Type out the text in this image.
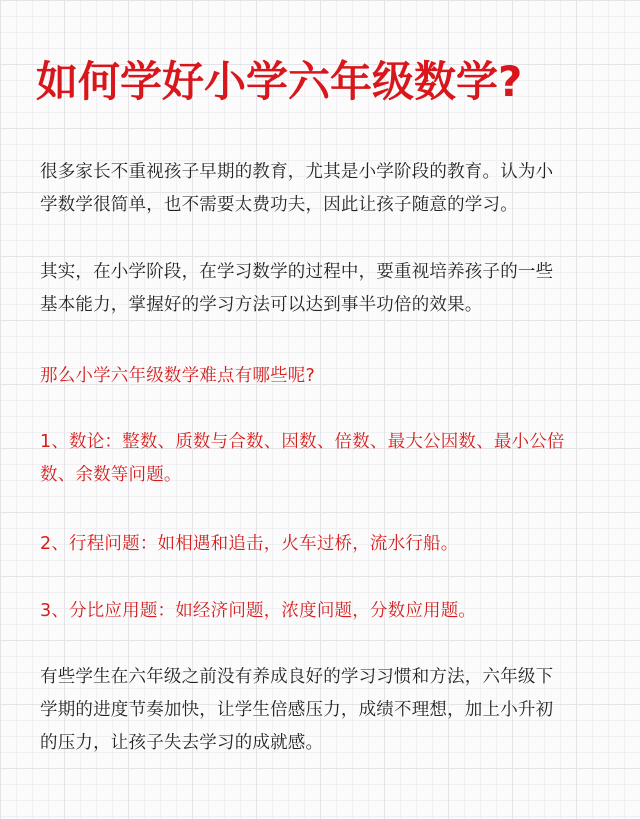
如何学好小学六年级数学?

很多家长不重视孩子早期的教育，尤其是小学阶段的教育。认为小
学数学很简单，也不需要太费功夫，因此让孩子随意的学习。

其实，在小学阶段，在学习数学的过程中，要重视培养孩子的一些
基本能力，掌握好的学习方法可以达到事半功倍的效果。

那么小学六年级数学难点有哪些呢?

1、数论：整数、质数与合数、因数、倍数、最大公因数、最小公倍
数、余数等问题。

2、行程问题：如相遇和追击，火车过桥，流水行船。

3、分比应用题：如经济问题，浓度问题，分数应用题。

有些学生在六年级之前没有养成良好的学习习惯和方法，六年级下
学期的进度节奏加快，让学生倍感压力，成绩不理想，加上小升初
的压力，让孩子失去学习的成就感。
